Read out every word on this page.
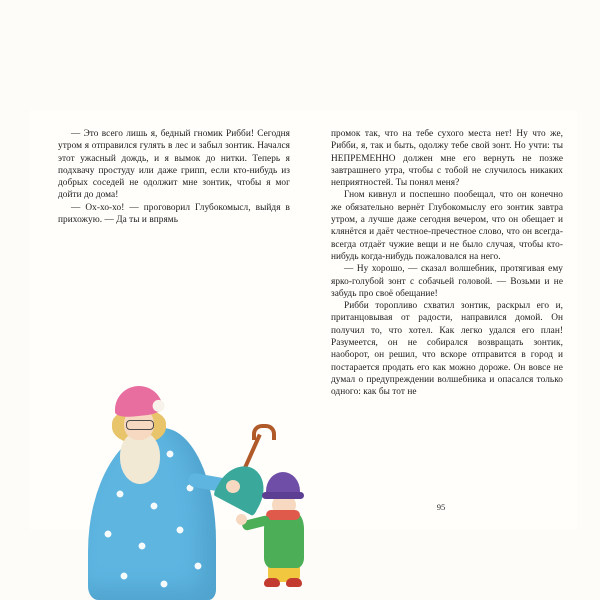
— Это всего лишь я, бедный гномик Рибби! Сегодня утром я отправился гулять в лес и забыл зонтик. Начался этот ужасный дождь, и я вымок до нитки. Теперь я подхвачу простуду или даже грипп, если кто-нибудь из добрых соседей не одолжит мне зонтик, чтобы я мог дойти до дома!

— Ох-хо-хо! — проговорил Глубокомысл, выйдя в прихожую. — Да ты и впрямь

промок так, что на тебе сухого места нет! Ну что же, Рибби, я, так и быть, одолжу тебе свой зонт. Но учти: ты НЕПРЕМЕННО должен мне его вернуть не позже завтрашнего утра, чтобы с тобой не случилось никаких неприятностей. Ты понял меня?

Гном кивнул и поспешно пообещал, что он конечно же обязательно вернёт Глубокомыслу его зонтик завтра утром, а лучше даже сегодня вечером, что он обещает и клянётся и даёт честное-пречестное слово, что он всегда-всегда отдаёт чужие вещи и не было случая, чтобы кто-нибудь когда-нибудь пожаловался на него.

— Ну хорошо, — сказал волшебник, протягивая ему ярко-голубой зонт с собачьей головой. — Возьми и не забудь про своё обещание!

Рибби торопливо схватил зонтик, раскрыл его и, пританцовывая от радости, направился домой. Он получил то, что хотел. Как легко удался его план! Разумеется, он не собирался возвращать зонтик, наоборот, он решил, что вскоре отправится в город и постарается продать его как можно дороже. Он вовсе не думал о предупреждении волшебника и опасался только одного: как бы тот не

95
